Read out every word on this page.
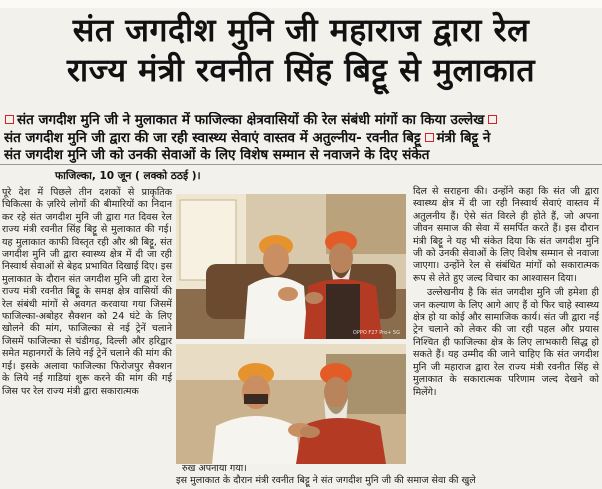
संत जगदीश मुनि जी महाराज द्वारा रेल
राज्य मंत्री रवनीत सिंह बिट्टू से मुलाकात
संत जगदीश मुनि जी ने मुलाकात में फाजिल्का क्षेत्रवासियों की रेल संबंधी मांगों का किया उल्लेख
संत जगदीश मुनि जी द्वारा की जा रही स्वास्थ्य सेवाएं वास्तव में अतुल्नीय- रवनीत बिट्टू मंत्री बिट्टू ने
संत जगदीश मुनि जी को उनकी सेवाओं के लिए विशेष सम्मान से नवाजने के दिए संकेत
फाजिल्का, 10 जून ( लक्को ठठई )।

पूरे देश में पिछले तीन दशकों से प्राकृतिक चिकित्सा के ज़रिये लोगों की बीमारियों का निदान कर रहे संत जगदीश मुनि जी द्वारा गत दिवस रेल राज्य मंत्री रवनीत सिंह बिट्टू से मुलाकात की गई। यह मुलाकात काफी विस्तृत रही और श्री बिट्टू, संत जगदीश मुनि जी द्वारा स्वास्थ्य क्षेत्र में दी जा रही निस्वार्थ सेवाओं से बेहद प्रभावित दिखाई दिए। इस मुलाकात के दौरान संत जगदीश मुनि जी द्वारा रेल राज्य मंत्री रवनीत बिट्टू के समक्ष क्षेत्र वासियों की रेल संबंधी मांगों से अवगत करवाया गया जिसमें फाजिल्का-अबोहर सैक्शन को 24 घंटे के लिए खोलने की मांग, फाजिल्का से नई ट्रेनें चलाने जिसमें फाजिल्का से चंडीगढ़, दिल्ली और हरिद्वार समेत महानगरों के लिये नई ट्रेनें चलाने की मांग की गई। इसके अलावा फाजिल्का फिरोजपुर सैक्शन के लिये नई गाडियां शुरू करने की मांग की गई जिस पर रेल राज्य मंत्री द्वारा सकारात्मक

OPPO F27 Pro+ 5G
रुख अपनाया गया।
इस मुलाकात के दौरान मंत्री रवनीत बिट्टू ने संत जगदीश मुनि जी की समाज सेवा की खुले

दिल से सराहना की। उन्होंने कहा कि संत जी द्वारा स्वास्थ्य क्षेत्र में दी जा रही निस्वार्थ सेवाएं वास्तव में अतुलनीय हैं। ऐसे संत विरले ही होते हैं, जो अपना जीवन समाज की सेवा में समर्पित करते हैं। इस दौरान मंत्री बिट्टू ने यह भी संकेत दिया कि संत जगदीश मुनि जी को उनकी सेवाओं के लिए विशेष सम्मान से नवाजा जाएगा। उन्होंने रेल से संबंधित मांगों को सकारात्मक रूप से लेते हुए जल्द विचार का आश्वासन दिया।

उल्लेखनीय है कि संत जगदीश मुनि जी हमेशा ही जन कल्याण के लिए आगे आए हैं वो फिर चाहे स्वास्थ्य क्षेत्र हो या कोई और सामाजिक कार्य। संत जी द्वारा नई ट्रेन चलाने को लेकर की जा रही पहल और प्रयास निश्चित ही फाजिल्का क्षेत्र के लिए लाभकारी सिद्ध हो सकते हैं। यह उम्मीद की जाने चाहिए कि संत जगदीश मुनि जी महाराज द्वारा रेल राज्य मंत्री रवनीत सिंह से मुलाकात के सकारात्मक परिणाम जल्द देखने को मिलेंगे।
